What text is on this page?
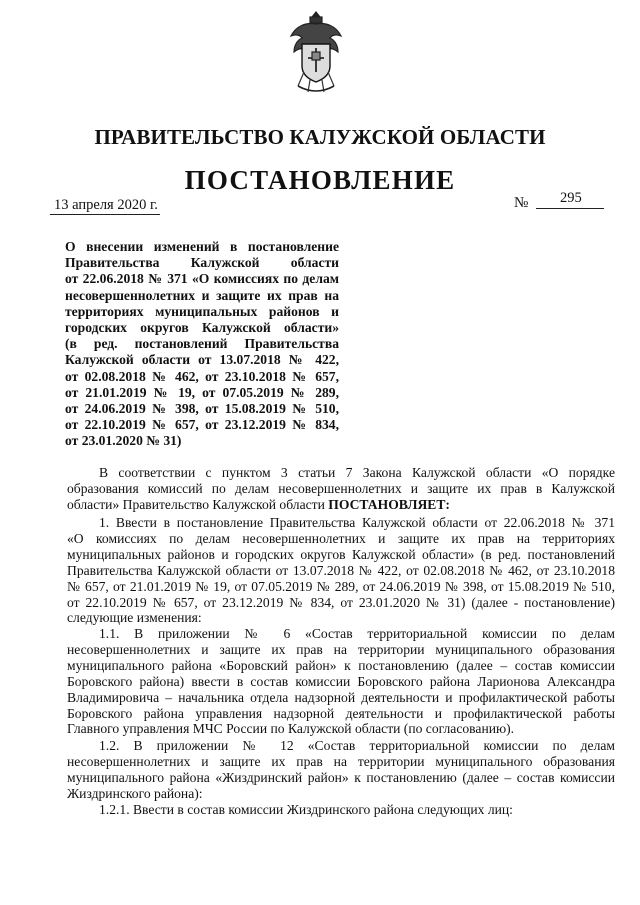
ПРАВИТЕЛЬСТВО КАЛУЖСКОЙ ОБЛАСТИ
ПОСТАНОВЛЕНИЕ
13 апреля 2020 г.	№ 295
О внесении изменений в постановление
Правительства Калужской области
от 22.06.2018 № 371 «О комиссиях по делам
несовершеннолетних и защите их прав на
территориях муниципальных районов и
городских округов Калужской области»
(в ред. постановлений Правительства
Калужской области от 13.07.2018 № 422,
от 02.08.2018 № 462, от 23.10.2018 № 657,
от 21.01.2019 № 19, от 07.05.2019 № 289,
от 24.06.2019 № 398, от 15.08.2019 № 510,
от 22.10.2019 № 657, от 23.12.2019 № 834,
от 23.01.2020 № 31)
В соответствии с пунктом 3 статьи 7 Закона Калужской области «О порядке
образования комиссий по делам несовершеннолетних и защите их прав в Калужской
области» Правительство Калужской области ПОСТАНОВЛЯЕТ:
1. Ввести в постановление Правительства Калужской области от 22.06.2018 № 371
«О комиссиях по делам несовершеннолетних и защите их прав на территориях
муниципальных районов и городских округов Калужской области» (в ред. постановлений
Правительства Калужской области от 13.07.2018 № 422, от 02.08.2018 № 462, от 23.10.2018
№ 657, от 21.01.2019 № 19, от 07.05.2019 № 289, от 24.06.2019 № 398, от 15.08.2019 № 510,
от 22.10.2019 № 657, от 23.12.2019 № 834, от 23.01.2020 № 31) (далее - постановление)
следующие изменения:
1.1. В приложении № 6 «Состав территориальной комиссии по делам
несовершеннолетних и защите их прав на территории муниципального образования
муниципального района «Боровский район» к постановлению (далее – состав комиссии
Боровского района) ввести в состав комиссии Боровского района Ларионова Александра
Владимировича – начальника отдела надзорной деятельности и профилактической работы
Боровского района управления надзорной деятельности и профилактической работы
Главного управления МЧС России по Калужской области (по согласованию).
1.2. В приложении № 12 «Состав территориальной комиссии по делам
несовершеннолетних и защите их прав на территории муниципального образования
муниципального района «Жиздринский район» к постановлению (далее – состав комиссии
Жиздринского района):
1.2.1. Ввести в состав комиссии Жиздринского района следующих лиц:
